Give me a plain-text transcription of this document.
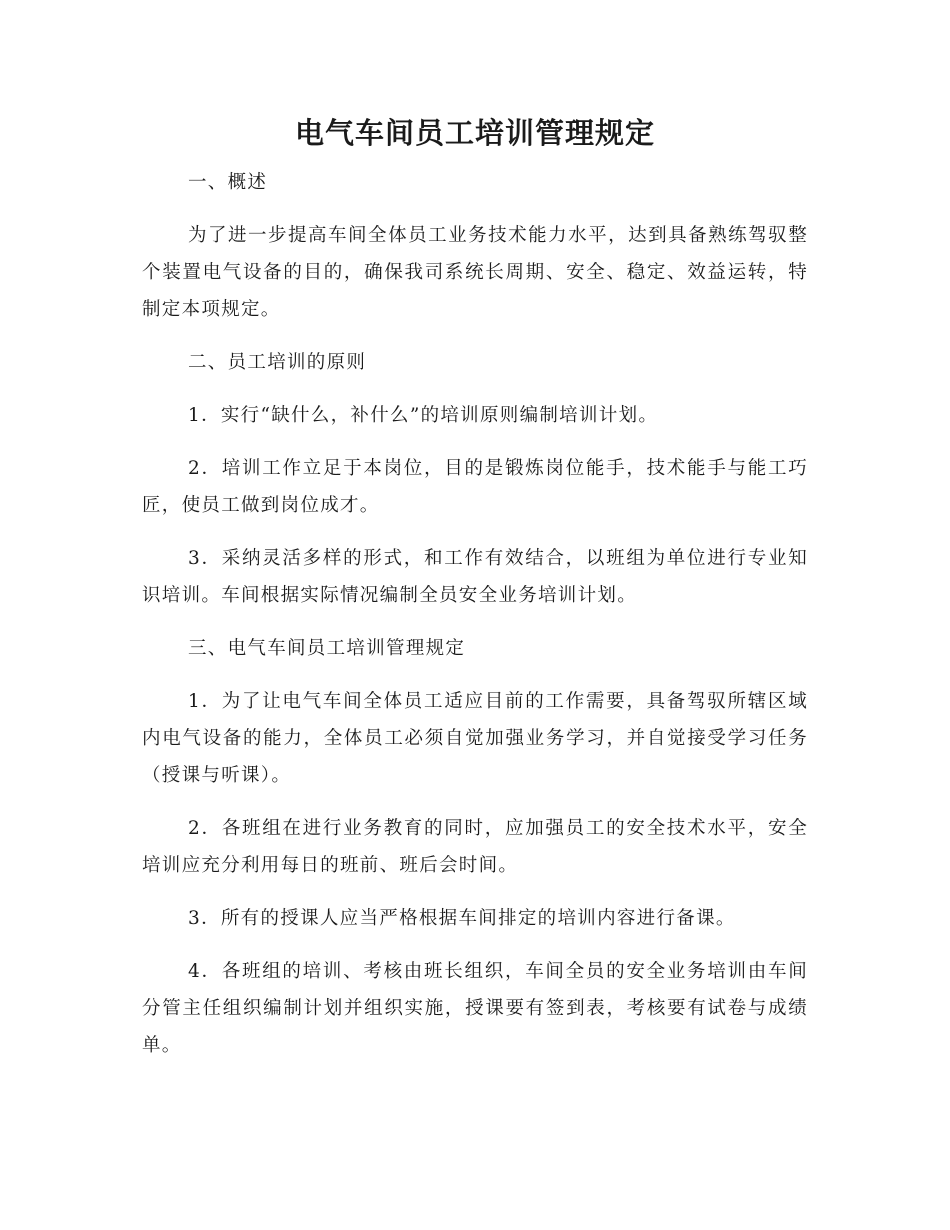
电气车间员工培训管理规定

一、概述

为了进一步提高车间全体员工业务技术能力水平，达到具备熟练驾驭整个装置电气设备的目的，确保我司系统长周期、安全、稳定、效益运转，特制定本项规定。

二、员工培训的原则

1．实行“缺什么，补什么”的培训原则编制培训计划。

2．培训工作立足于本岗位，目的是锻炼岗位能手，技术能手与能工巧匠，使员工做到岗位成才。

3．采纳灵活多样的形式，和工作有效结合，以班组为单位进行专业知识培训。车间根据实际情况编制全员安全业务培训计划。

三、电气车间员工培训管理规定

1．为了让电气车间全体员工适应目前的工作需要，具备驾驭所辖区域内电气设备的能力，全体员工必须自觉加强业务学习，并自觉接受学习任务（授课与听课）。

2．各班组在进行业务教育的同时，应加强员工的安全技术水平，安全培训应充分利用每日的班前、班后会时间。

3．所有的授课人应当严格根据车间排定的培训内容进行备课。

4．各班组的培训、考核由班长组织，车间全员的安全业务培训由车间分管主任组织编制计划并组织实施，授课要有签到表，考核要有试卷与成绩单。
